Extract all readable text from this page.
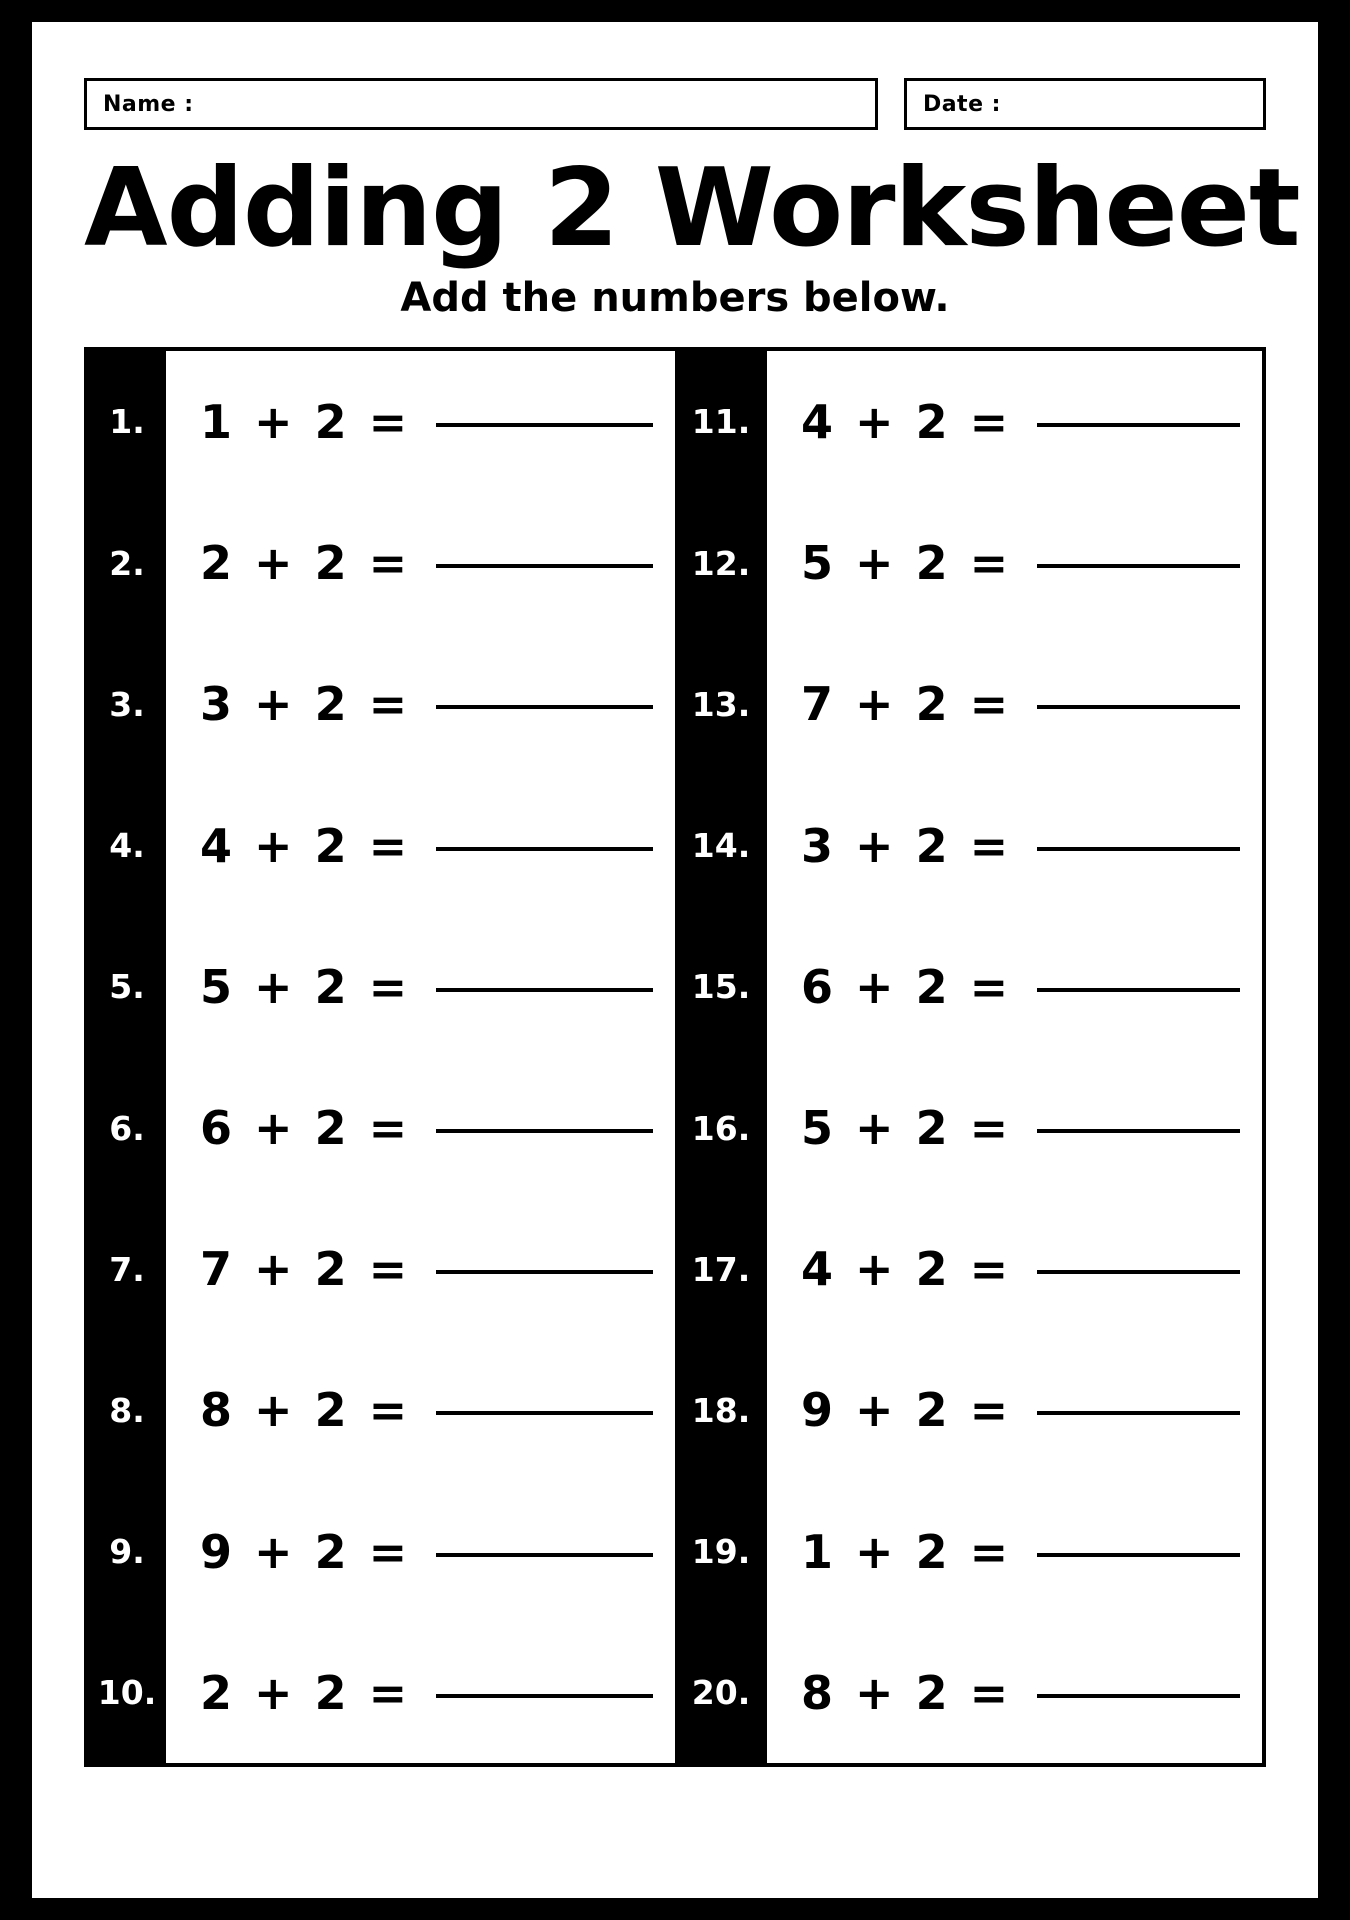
Name :	Date :
Adding 2 Worksheet
Add the numbers below.
1.	1 + 2 =
2.	2 + 2 =
3.	3 + 2 =
4.	4 + 2 =
5.	5 + 2 =
6.	6 + 2 =
7.	7 + 2 =
8.	8 + 2 =
9.	9 + 2 =
10. 2 + 2 =
11.	4 + 2 =
12.	5 + 2 =
13.	7 + 2 =
14.	3 + 2 =
15.	6 + 2 =
16.	5 + 2 =
17.	4 + 2 =
18.	9 + 2 =
19.	1 + 2 =
20.	8 + 2 =
